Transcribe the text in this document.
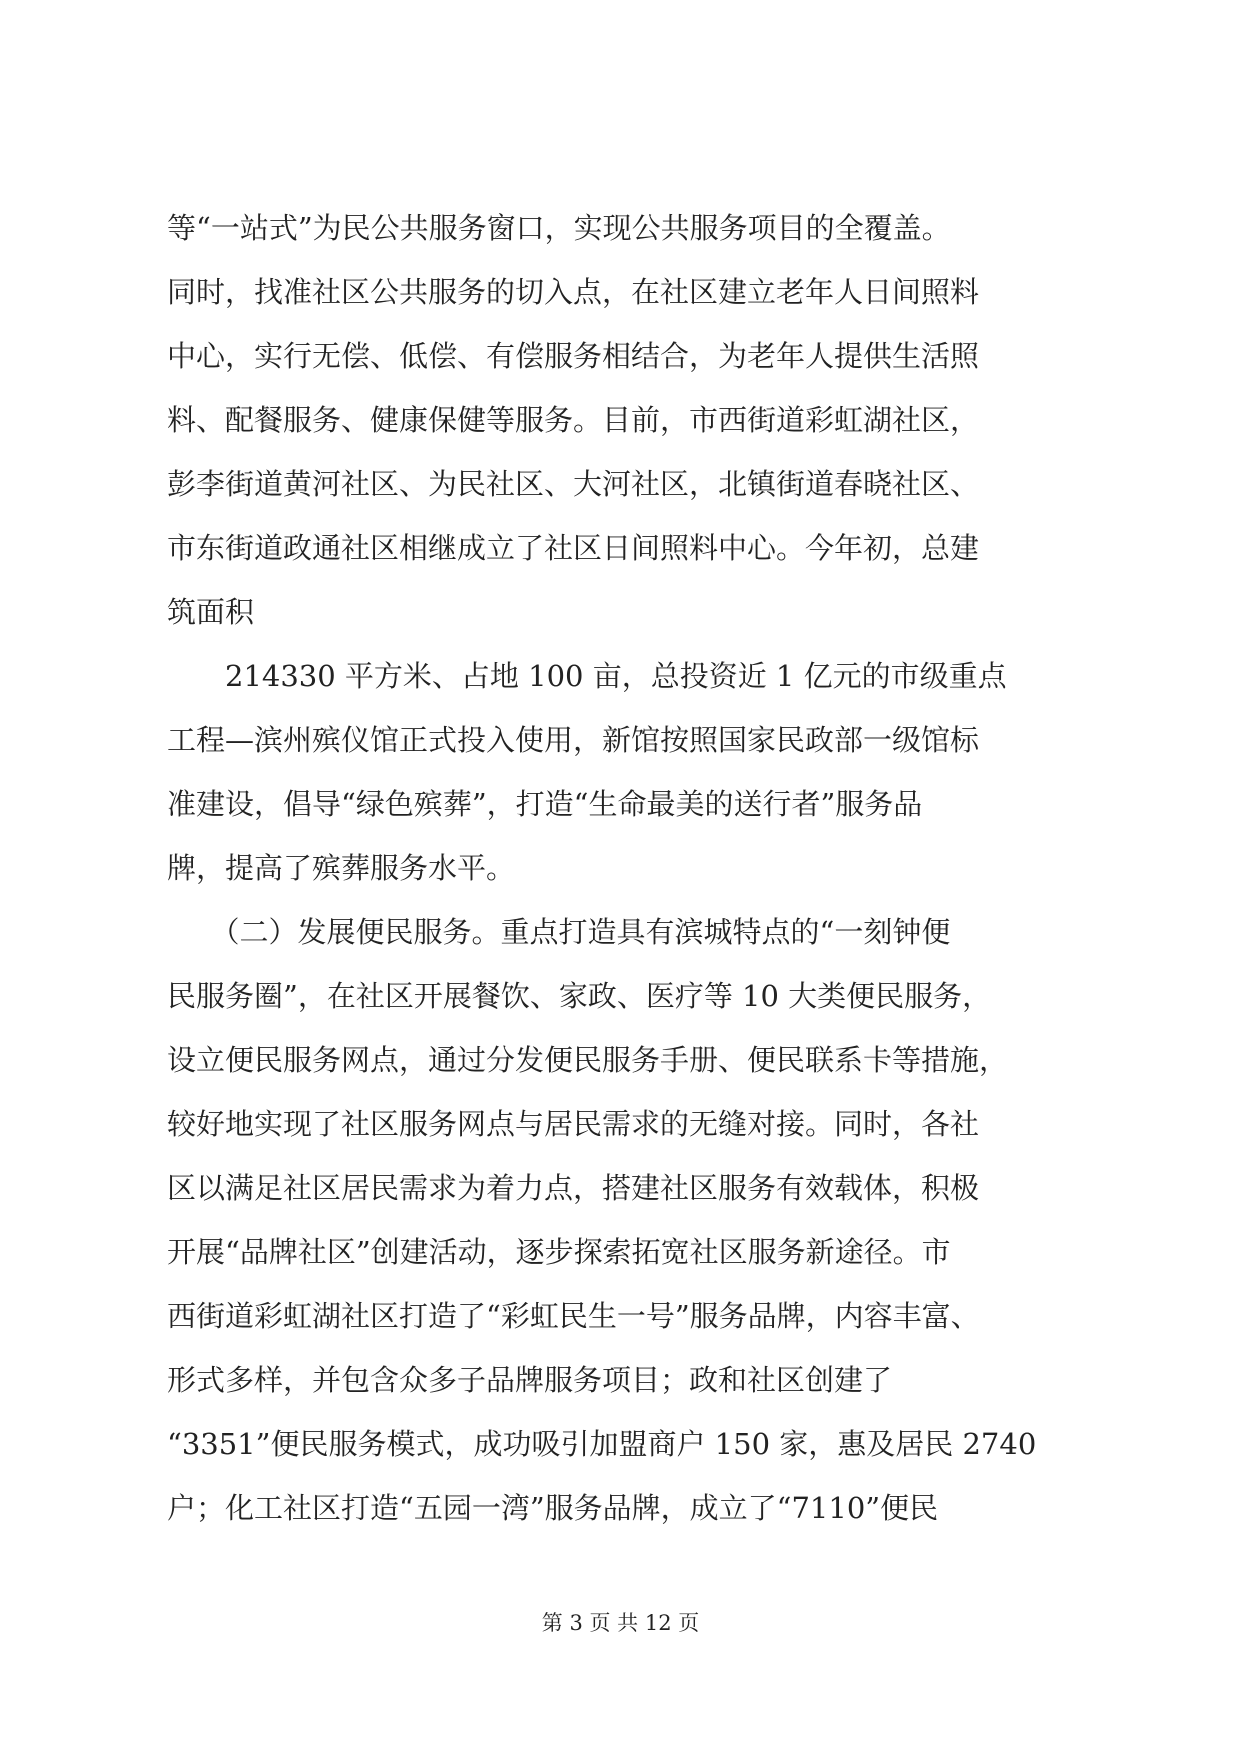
等“一站式”为民公共服务窗口，实现公共服务项目的全覆盖。
同时，找准社区公共服务的切入点，在社区建立老年人日间照料
中心，实行无偿、低偿、有偿服务相结合，为老年人提供生活照
料、配餐服务、健康保健等服务。目前，市西街道彩虹湖社区，
彭李街道黄河社区、为民社区、大河社区，北镇街道春晓社区、
市东街道政通社区相继成立了社区日间照料中心。今年初，总建
筑面积
　　214330 平方米、占地 100 亩，总投资近 1 亿元的市级重点
工程—滨州殡仪馆正式投入使用，新馆按照国家民政部一级馆标
准建设，倡导“绿色殡葬”，打造“生命最美的送行者”服务品
牌，提高了殡葬服务水平。
　　（二）发展便民服务。重点打造具有滨城特点的“一刻钟便
民服务圈”，在社区开展餐饮、家政、医疗等 10 大类便民服务，
设立便民服务网点，通过分发便民服务手册、便民联系卡等措施，
较好地实现了社区服务网点与居民需求的无缝对接。同时，各社
区以满足社区居民需求为着力点，搭建社区服务有效载体，积极
开展“品牌社区”创建活动，逐步探索拓宽社区服务新途径。市
西街道彩虹湖社区打造了“彩虹民生一号”服务品牌，内容丰富、
形式多样，并包含众多子品牌服务项目；政和社区创建了
“3351”便民服务模式，成功吸引加盟商户 150 家，惠及居民 2740
户；化工社区打造“五园一湾”服务品牌，成立了“7110”便民
第 3 页 共 12 页
